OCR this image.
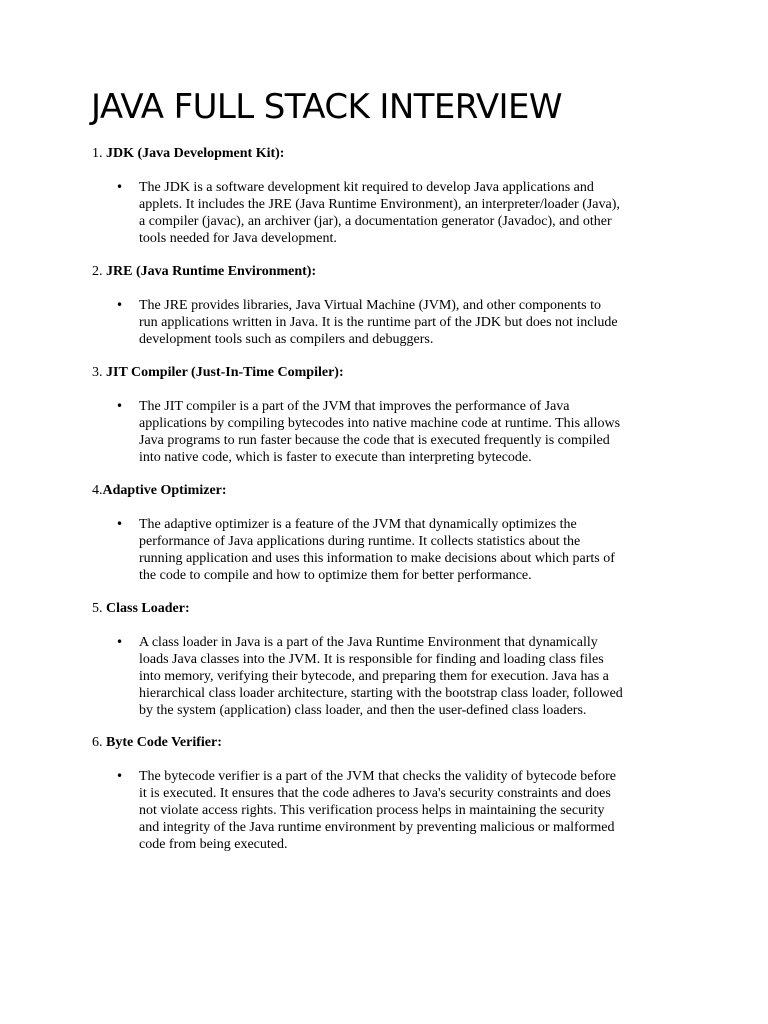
JAVA FULL STACK INTERVIEW

1. JDK (Java Development Kit):

• The JDK is a software development kit required to develop Java applications and
applets. It includes the JRE (Java Runtime Environment), an interpreter/loader (Java),
a compiler (javac), an archiver (jar), a documentation generator (Javadoc), and other
tools needed for Java development.

2. JRE (Java Runtime Environment):

• The JRE provides libraries, Java Virtual Machine (JVM), and other components to
run applications written in Java. It is the runtime part of the JDK but does not include
development tools such as compilers and debuggers.

3. JIT Compiler (Just-In-Time Compiler):

• The JIT compiler is a part of the JVM that improves the performance of Java
applications by compiling bytecodes into native machine code at runtime. This allows
Java programs to run faster because the code that is executed frequently is compiled
into native code, which is faster to execute than interpreting bytecode.

4.Adaptive Optimizer:

• The adaptive optimizer is a feature of the JVM that dynamically optimizes the
performance of Java applications during runtime. It collects statistics about the
running application and uses this information to make decisions about which parts of
the code to compile and how to optimize them for better performance.

5. Class Loader:

• A class loader in Java is a part of the Java Runtime Environment that dynamically
loads Java classes into the JVM. It is responsible for finding and loading class files
into memory, verifying their bytecode, and preparing them for execution. Java has a
hierarchical class loader architecture, starting with the bootstrap class loader, followed
by the system (application) class loader, and then the user-defined class loaders.

6. Byte Code Verifier:

• The bytecode verifier is a part of the JVM that checks the validity of bytecode before
it is executed. It ensures that the code adheres to Java's security constraints and does
not violate access rights. This verification process helps in maintaining the security
and integrity of the Java runtime environment by preventing malicious or malformed
code from being executed.
